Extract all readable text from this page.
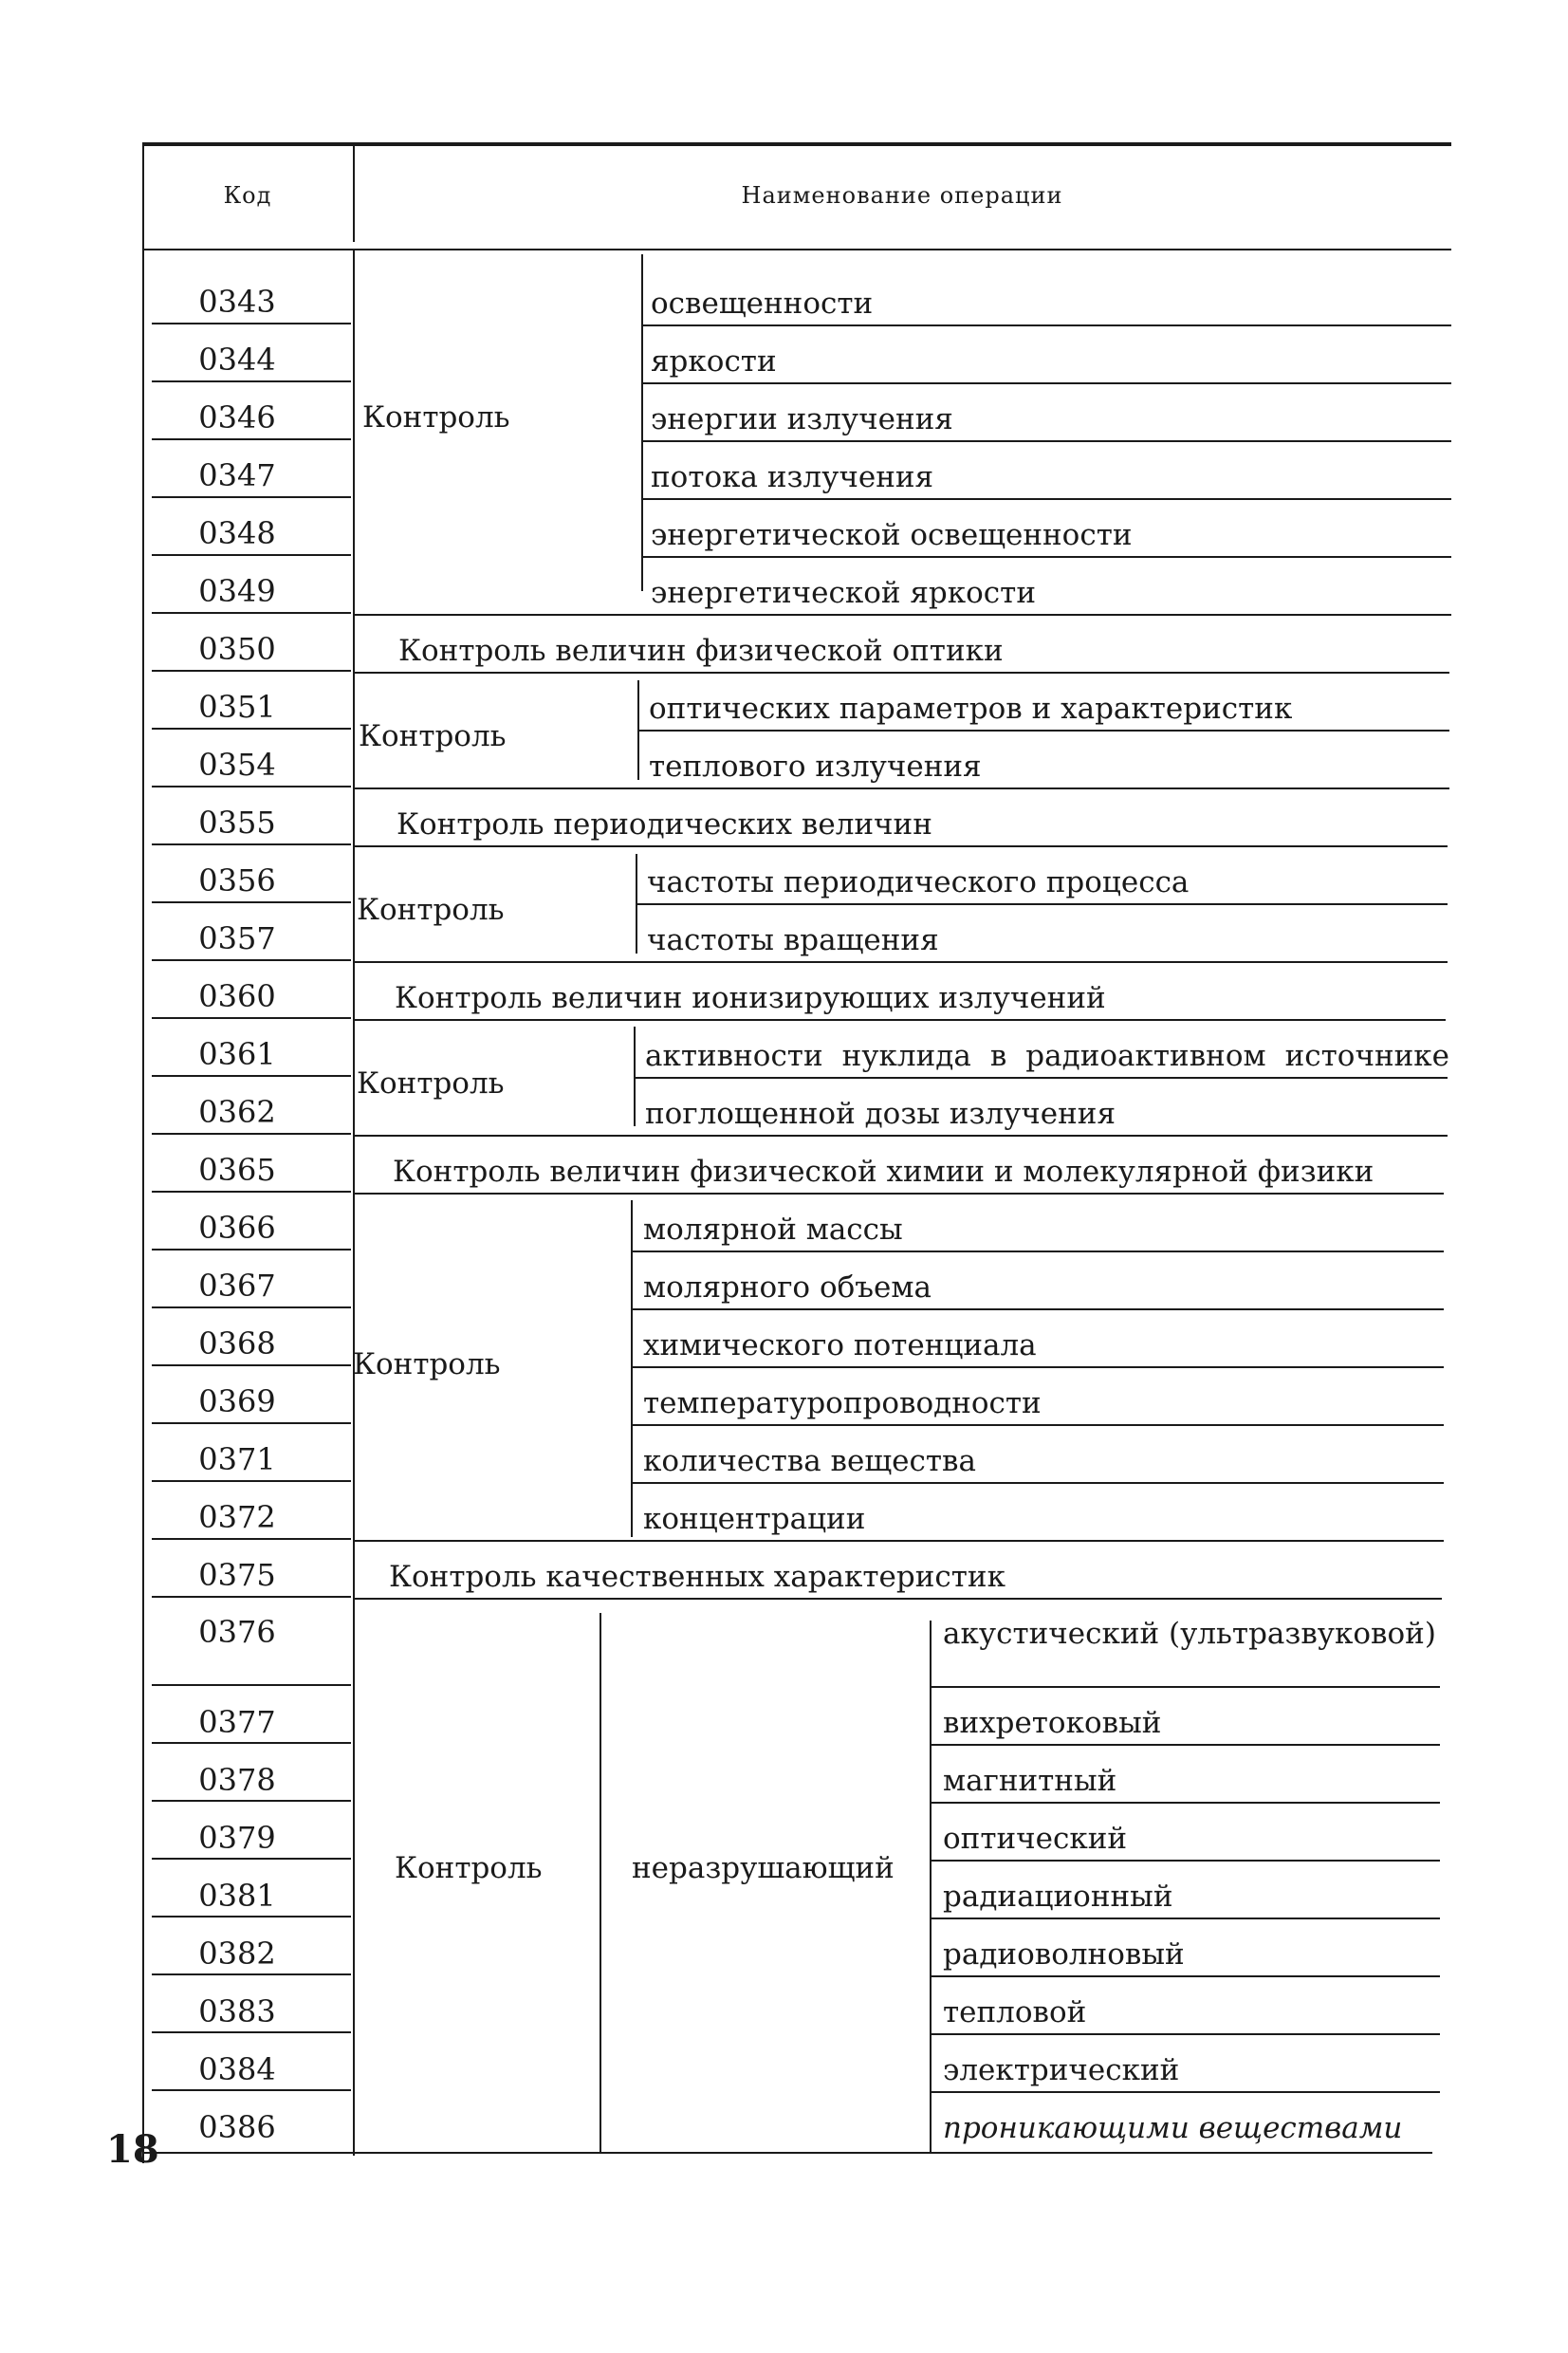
Код	Наименование операции
0343
0344
0346
0347
0348
0349
0350
0351
0354
0355
0356
0357
0360
0361
0362
0365
0366
0367
0368
0369
0371
0372
0375
0376
0377
0378
0379
0381
0382
0383
0384
0386
Контроль
освещенности
яркости
энергии излучения
потока излучения
энергетической освещенности
энергетической яркости
Контроль величин физической оптики
Контроль
оптических параметров и характеристик
теплового излучения
Контроль периодических величин
Контроль
частоты периодического процесса
частоты вращения
Контроль величин ионизирующих излучений
Контроль
активности нуклида в радиоактивном источнике
поглощенной дозы излучения
Контроль величин физической химии и молекулярной физики
Контроль
молярной массы
молярного объема
химического потенциала
температуропроводности
количества вещества
концентрации
Контроль качественных характеристик
Контроль	неразрушающий
акустический (ультразвуковой)
вихретоковый
магнитный
оптический
радиационный
радиоволновый
тепловой
электрический
проникающими веществами
18
